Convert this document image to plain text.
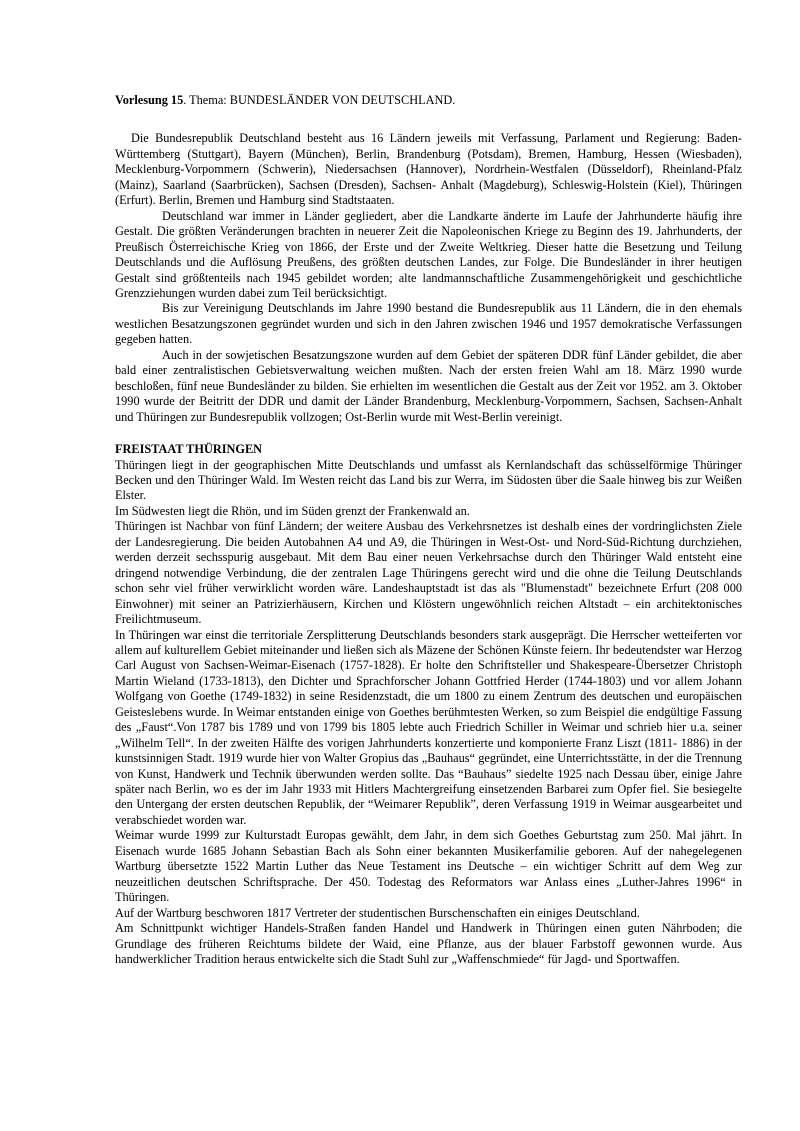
Vorlesung 15. Thema: BUNDESLÄNDER VON DEUTSCHLAND.

Die Bundesrepublik Deutschland besteht aus 16 Ländern jeweils mit Verfassung, Parlament und Regierung: Baden- Württemberg (Stuttgart), Bayern (München), Berlin, Brandenburg (Potsdam), Bremen, Hamburg, Hessen (Wiesbaden), Mecklenburg-Vorpommern (Schwerin), Niedersachsen (Hannover), Nordrhein-Westfalen (Düsseldorf), Rheinland-Pfalz (Mainz), Saarland (Saarbrücken), Sachsen (Dresden), Sachsen- Anhalt (Magdeburg), Schleswig-Holstein (Kiel), Thüringen (Erfurt). Berlin, Bremen und Hamburg sind Stadtstaaten.

Deutschland war immer in Länder gegliedert, aber die Landkarte änderte im Laufe der Jahrhunderte häufig ihre Gestalt. Die größten Veränderungen brachten in neuerer Zeit die Napoleonischen Kriege zu Beginn des 19. Jahrhunderts, der Preußisch Österreichische Krieg von 1866, der Erste und der Zweite Weltkrieg. Dieser hatte die Besetzung und Teilung Deutschlands und die Auflösung Preußens, des größten deutschen Landes, zur Folge. Die Bundesländer in ihrer heutigen Gestalt sind größtenteils nach 1945 gebildet worden; alte landmannschaftliche Zusammengehörigkeit und geschichtliche Grenzziehungen wurden dabei zum Teil berücksichtigt.

Bis zur Vereinigung Deutschlands im Jahre 1990 bestand die Bundesrepublik aus 11 Ländern, die in den ehemals westlichen Besatzungszonen gegründet wurden und sich in den Jahren zwischen 1946 und 1957 demokratische Verfassungen gegeben hatten.

Auch in der sowjetischen Besatzungszone wurden auf dem Gebiet der späteren DDR fünf Länder gebildet, die aber bald einer zentralistischen Gebietsverwaltung weichen mußten. Nach der ersten freien Wahl am 18. März 1990 wurde beschloßen, fünf neue Bundesländer zu bilden. Sie erhielten im wesentlichen die Gestalt aus der Zeit vor 1952. am 3. Oktober 1990 wurde der Beitritt der DDR und damit der Länder Brandenburg, Mecklenburg-Vorpommern, Sachsen, Sachsen-Anhalt und Thüringen zur Bundesrepublik vollzogen; Ost-Berlin wurde mit West-Berlin vereinigt.

FREISTAAT THÜRINGEN

Thüringen liegt in der geographischen Mitte Deutschlands und umfasst als Kernlandschaft das schüsselförmige Thüringer Becken und den Thüringer Wald. Im Westen reicht das Land bis zur Werra, im Südosten über die Saale hinweg bis zur Weißen Elster.

Im Südwesten liegt die Rhön, und im Süden grenzt der Frankenwald an.

Thüringen ist Nachbar von fünf Ländern; der weitere Ausbau des Verkehrsnetzes ist deshalb eines der vordringlichsten Ziele der Landesregierung. Die beiden Autobahnen A4 und A9, die Thüringen in West-Ost- und Nord-Süd-Richtung durchziehen, werden derzeit sechsspurig ausgebaut. Mit dem Bau einer neuen Verkehrsachse durch den Thüringer Wald entsteht eine dringend notwendige Verbindung, die der zentralen Lage Thüringens gerecht wird und die ohne die Teilung Deutschlands schon sehr viel früher verwirklicht worden wäre. Landeshauptstadt ist das als "Blumenstadt" bezeichnete Erfurt (208 000 Einwohner) mit seiner an Patrizierhäusern, Kirchen und Klöstern ungewöhnlich reichen Altstadt – ein architektonisches Freilichtmuseum.

In Thüringen war einst die territoriale Zersplitterung Deutschlands besonders stark ausgeprägt. Die Herrscher wetteiferten vor allem auf kulturellem Gebiet miteinander und ließen sich als Mäzene der Schönen Künste feiern. Ihr bedeutendster war Herzog Carl August von Sachsen-Weimar-Eisenach (1757-1828). Er holte den Schriftsteller und Shakespeare-Übersetzer Christoph Martin Wieland (1733-1813), den Dichter und Sprachforscher Johann Gottfried Herder (1744-1803) und vor allem Johann Wolfgang von Goethe (1749-1832) in seine Residenzstadt, die um 1800 zu einem Zentrum des deutschen und europäischen Geisteslebens wurde. In Weimar entstanden einige von Goethes berühmtesten Werken, so zum Beispiel die endgültige Fassung des „Faust“.Von 1787 bis 1789 und von 1799 bis 1805 lebte auch Friedrich Schiller in Weimar und schrieb hier u.a. seiner „Wilhelm Tell“. In der zweiten Hälfte des vorigen Jahrhunderts konzertierte und komponierte Franz Liszt (1811- 1886) in der kunstsinnigen Stadt. 1919 wurde hier von Walter Gropius das „Bauhaus“ gegründet, eine Unterrichtsstätte, in der die Trennung von Kunst, Handwerk und Technik überwunden werden sollte. Das “Bauhaus” siedelte 1925 nach Dessau über, einige Jahre später nach Berlin, wo es der im Jahr 1933 mit Hitlers Machtergreifung einsetzenden Barbarei zum Opfer fiel. Sie besiegelte den Untergang der ersten deutschen Republik, der “Weimarer Republik”, deren Verfassung 1919 in Weimar ausgearbeitet und verabschiedet worden war.

Weimar wurde 1999 zur Kulturstadt Europas gewählt, dem Jahr, in dem sich Goethes Geburtstag zum 250. Mal jährt. In Eisenach wurde 1685 Johann Sebastian Bach als Sohn einer bekannten Musikerfamilie geboren. Auf der nahegelegenen Wartburg übersetzte 1522 Martin Luther das Neue Testament ins Deutsche – ein wichtiger Schritt auf dem Weg zur neuzeitlichen deutschen Schriftsprache. Der 450. Todestag des Reformators war Anlass eines „Luther-Jahres 1996“ in Thüringen.

Auf der Wartburg beschworen 1817 Vertreter der studentischen Burschenschaften ein einiges Deutschland.

Am Schnittpunkt wichtiger Handels-Straßen fanden Handel und Handwerk in Thüringen einen guten Nährboden; die Grundlage des früheren Reichtums bildete der Waid, eine Pflanze, aus der blauer Farbstoff gewonnen wurde. Aus handwerklicher Tradition heraus entwickelte sich die Stadt Suhl zur „Waffenschmiede“ für Jagd- und Sportwaffen.
